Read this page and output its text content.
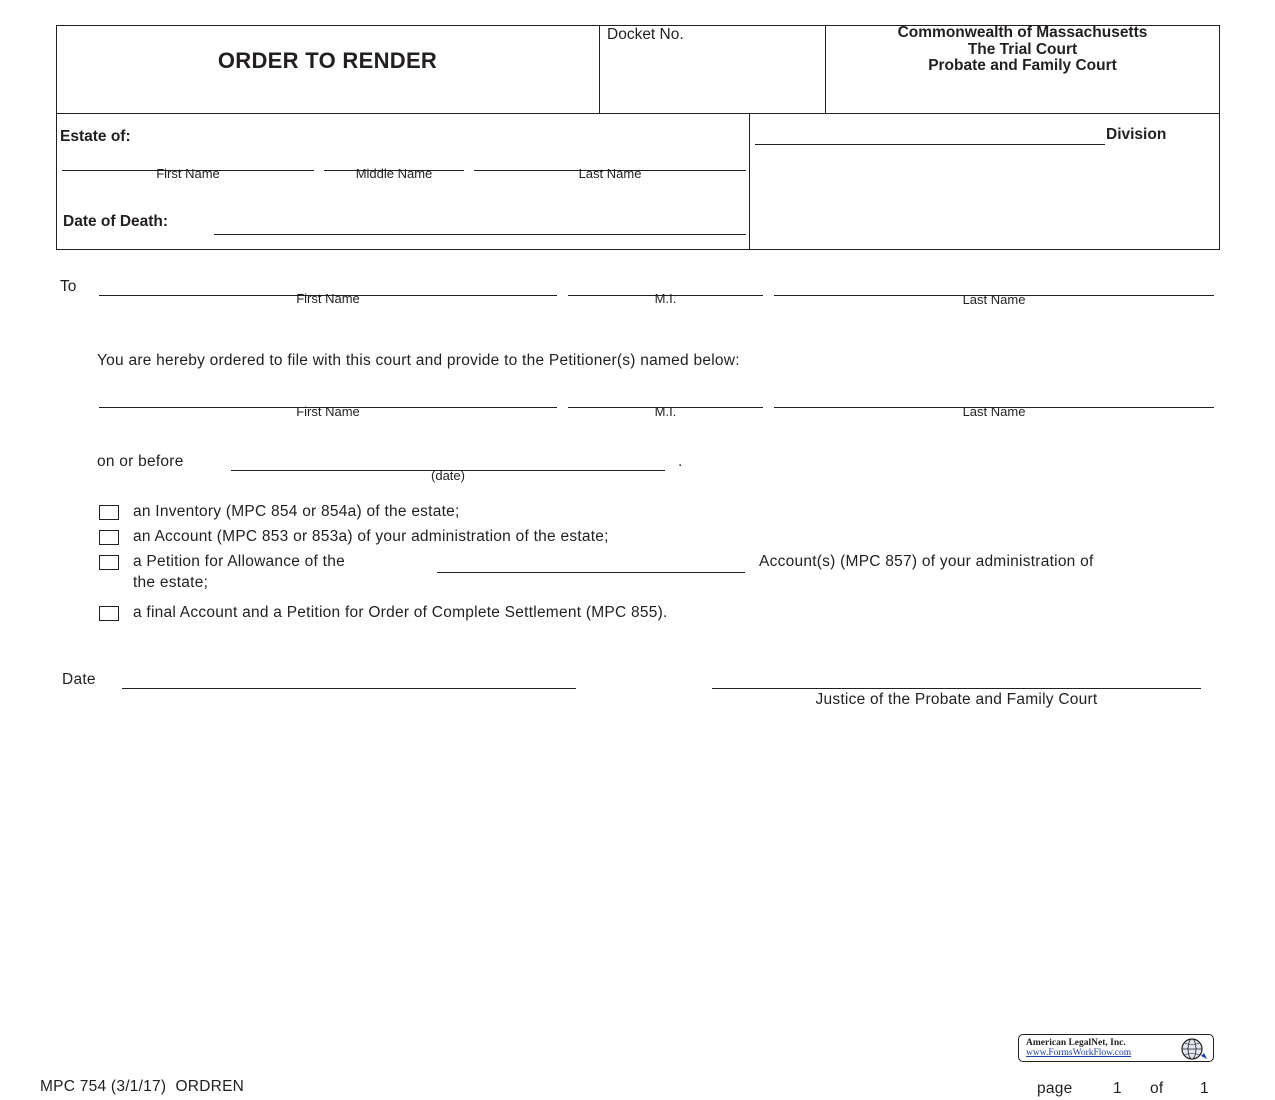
ORDER TO RENDER
Docket No.	Commonwealth of Massachusetts
The Trial Court
Probate and Family Court
Estate of:
First Name	Middle Name	Last Name
Date of Death:
Division
To
First Name	M.I.	Last Name
You are hereby ordered to file with this court and provide to the Petitioner(s) named below:
First Name	M.I.	Last Name
on or before	.
(date)
an Inventory (MPC 854 or 854a) of the estate;
an Account (MPC 853 or 853a) of your administration of the estate;
a Petition for Allowance of the	Account(s) (MPC 857) of your administration of
the estate;
a final Account and a Petition for Order of Complete Settlement (MPC 855).
Date
Justice of the Probate and Family Court
American LegalNet, Inc.
www.FormsWorkFlow.com
MPC 754 (3/1/17)  ORDREN	page	1 of 1
